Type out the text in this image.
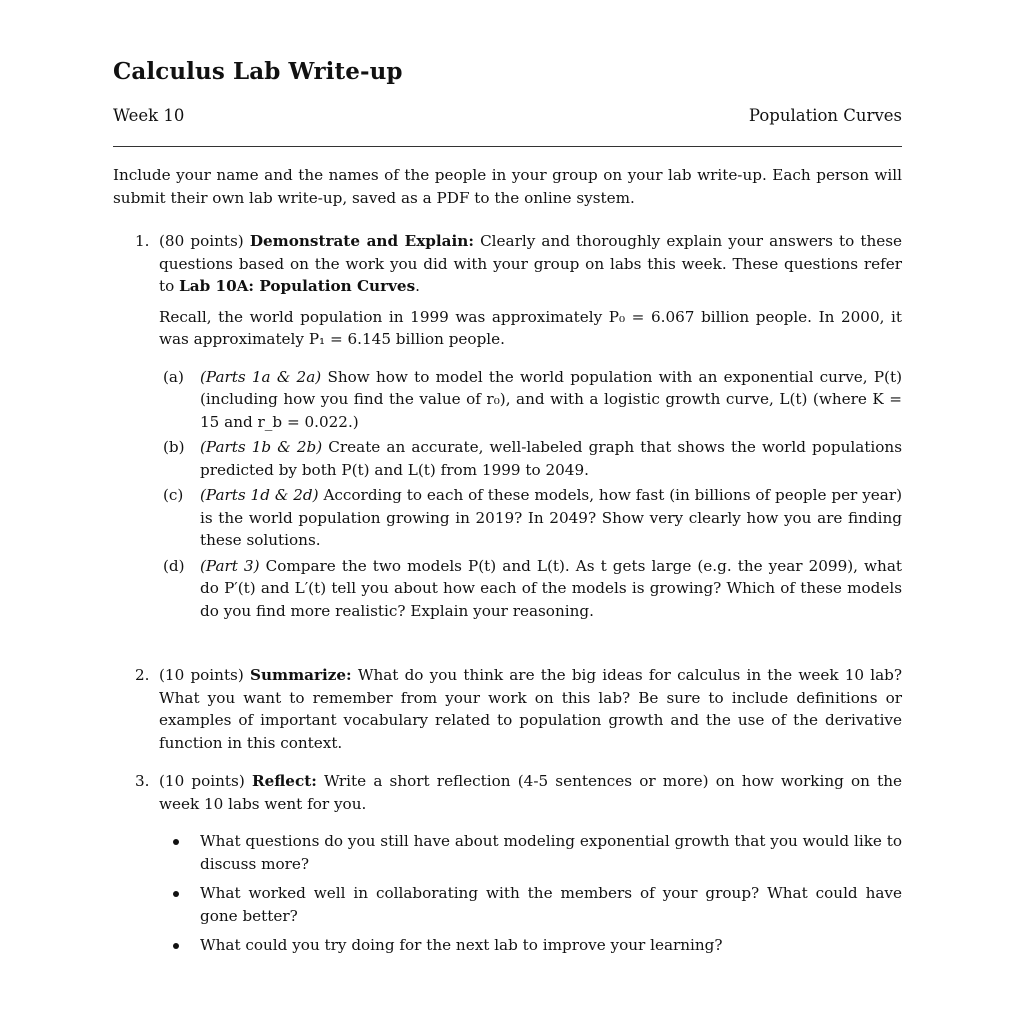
Calculus Lab Write-up
Week 10	Population Curves
Include your name and the names of the people in your group on your lab write-up. Each person will submit their own lab write-up, saved as a PDF to the online system.
1. (80 points) Demonstrate and Explain: Clearly and thoroughly explain your answers to these questions based on the work you did with your group on labs this week. These questions refer to Lab 10A: Population Curves.
Recall, the world population in 1999 was approximately P₀ = 6.067 billion people. In 2000, it was approximately P₁ = 6.145 billion people.
(a) (Parts 1a & 2a) Show how to model the world population with an exponential curve, P(t) (including how you find the value of r₀), and with a logistic growth curve, L(t) (where K = 15 and r_b = 0.022.)
(b) (Parts 1b & 2b) Create an accurate, well-labeled graph that shows the world populations predicted by both P(t) and L(t) from 1999 to 2049.
(c) (Parts 1d & 2d) According to each of these models, how fast (in billions of people per year) is the world population growing in 2019? In 2049? Show very clearly how you are finding these solutions.
(d) (Part 3) Compare the two models P(t) and L(t). As t gets large (e.g. the year 2099), what do P′(t) and L′(t) tell you about how each of the models is growing? Which of these models do you find more realistic? Explain your reasoning.
2. (10 points) Summarize: What do you think are the big ideas for calculus in the week 10 lab? What you want to remember from your work on this lab? Be sure to include definitions or examples of important vocabulary related to population growth and the use of the derivative function in this context.
3. (10 points) Reflect: Write a short reflection (4-5 sentences or more) on how working on the week 10 labs went for you.
What questions do you still have about modeling exponential growth that you would like to discuss more?
What worked well in collaborating with the members of your group? What could have gone better?
What could you try doing for the next lab to improve your learning?
